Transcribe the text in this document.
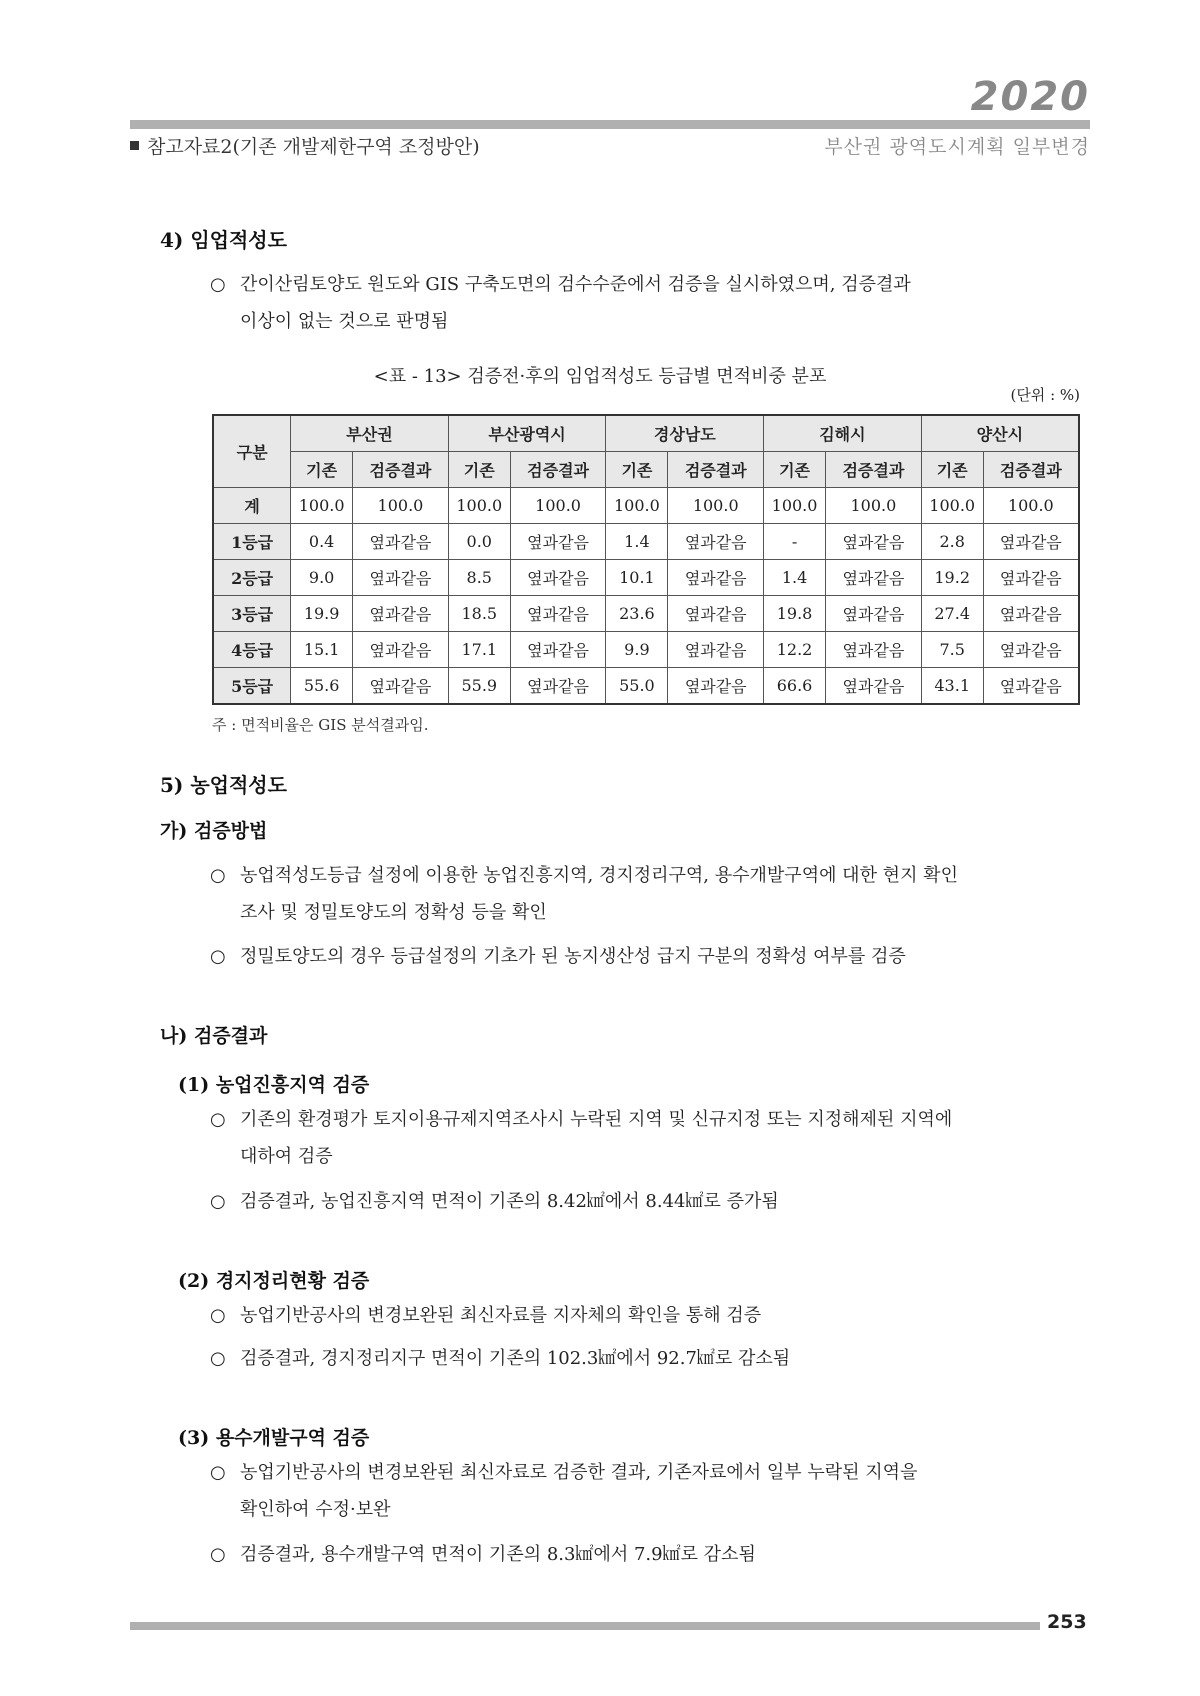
2020
참고자료2(기존 개발제한구역 조정방안)	부산권 광역도시계획 일부변경
4) 임업적성도
○ 간이산림토양도 원도와 GIS 구축도면의 검수수준에서 검증을 실시하였으며, 검증결과
이상이 없는 것으로 판명됨
<표 - 13> 검증전·후의 임업적성도 등급별 면적비중 분포
(단위 : %)
구분	부산권		부산광역시		경상남도		김해시		양산시	
	기존	검증결과	기존	검증결과	기존	검증결과	기존	검증결과	기존	검증결과
계	100.0	100.0	100.0	100.0	100.0	100.0	100.0	100.0	100.0	100.0
1등급	0.4	옆과같음	0.0	옆과같음	1.4	옆과같음	-	옆과같음	2.8	옆과같음
2등급	9.0	옆과같음	8.5	옆과같음	10.1	옆과같음	1.4	옆과같음	19.2	옆과같음
3등급	19.9	옆과같음	18.5	옆과같음	23.6	옆과같음	19.8	옆과같음	27.4	옆과같음
4등급	15.1	옆과같음	17.1	옆과같음	9.9	옆과같음	12.2	옆과같음	7.5	옆과같음
5등급	55.6	옆과같음	55.9	옆과같음	55.0	옆과같음	66.6	옆과같음	43.1	옆과같음
주 : 면적비율은 GIS 분석결과임.
5) 농업적성도
가) 검증방법
○ 농업적성도등급 설정에 이용한 농업진흥지역, 경지정리구역, 용수개발구역에 대한 현지 확인
조사 및 정밀토양도의 정확성 등을 확인
○ 정밀토양도의 경우 등급설정의 기초가 된 농지생산성 급지 구분의 정확성 여부를 검증
나) 검증결과
(1) 농업진흥지역 검증
○ 기존의 환경평가 토지이용규제지역조사시 누락된 지역 및 신규지정 또는 지정해제된 지역에
대하여 검증
○ 검증결과, 농업진흥지역 면적이 기존의 8.42㎢에서 8.44㎢로 증가됨
(2) 경지정리현황 검증
○ 농업기반공사의 변경보완된 최신자료를 지자체의 확인을 통해 검증
○ 검증결과, 경지정리지구 면적이 기존의 102.3㎢에서 92.7㎢로 감소됨
(3) 용수개발구역 검증
○ 농업기반공사의 변경보완된 최신자료로 검증한 결과, 기존자료에서 일부 누락된 지역을
확인하여 수정·보완
○ 검증결과, 용수개발구역 면적이 기존의 8.3㎢에서 7.9㎢로 감소됨
253
